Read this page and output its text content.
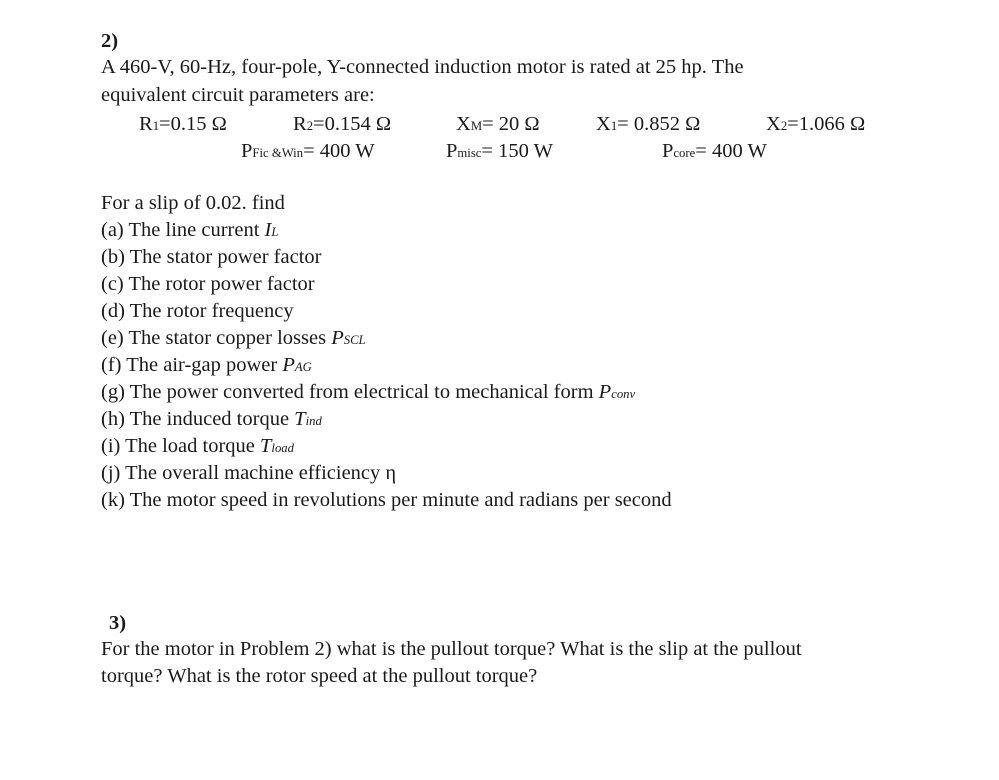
2)
A 460-V, 60-Hz, four-pole, Y-connected induction motor is rated at 25 hp. The
equivalent circuit parameters are:
R1=0.15 Ω	R2=0.154 Ω	XM= 20 Ω	X1= 0.852 Ω	X2=1.066 Ω
PFic &Win= 400 W	Pmisc= 150 W	Pcore= 400 W
For a slip of 0.02. find
(a) The line current IL
(b) The stator power factor
(c) The rotor power factor
(d) The rotor frequency
(e) The stator copper losses PSCL
(f) The air-gap power PAG
(g) The power converted from electrical to mechanical form Pconv
(h) The induced torque Tind
(i) The load torque Tload
(j) The overall machine efficiency η
(k) The motor speed in revolutions per minute and radians per second
3)
For the motor in Problem 2) what is the pullout torque? What is the slip at the pullout
torque? What is the rotor speed at the pullout torque?
